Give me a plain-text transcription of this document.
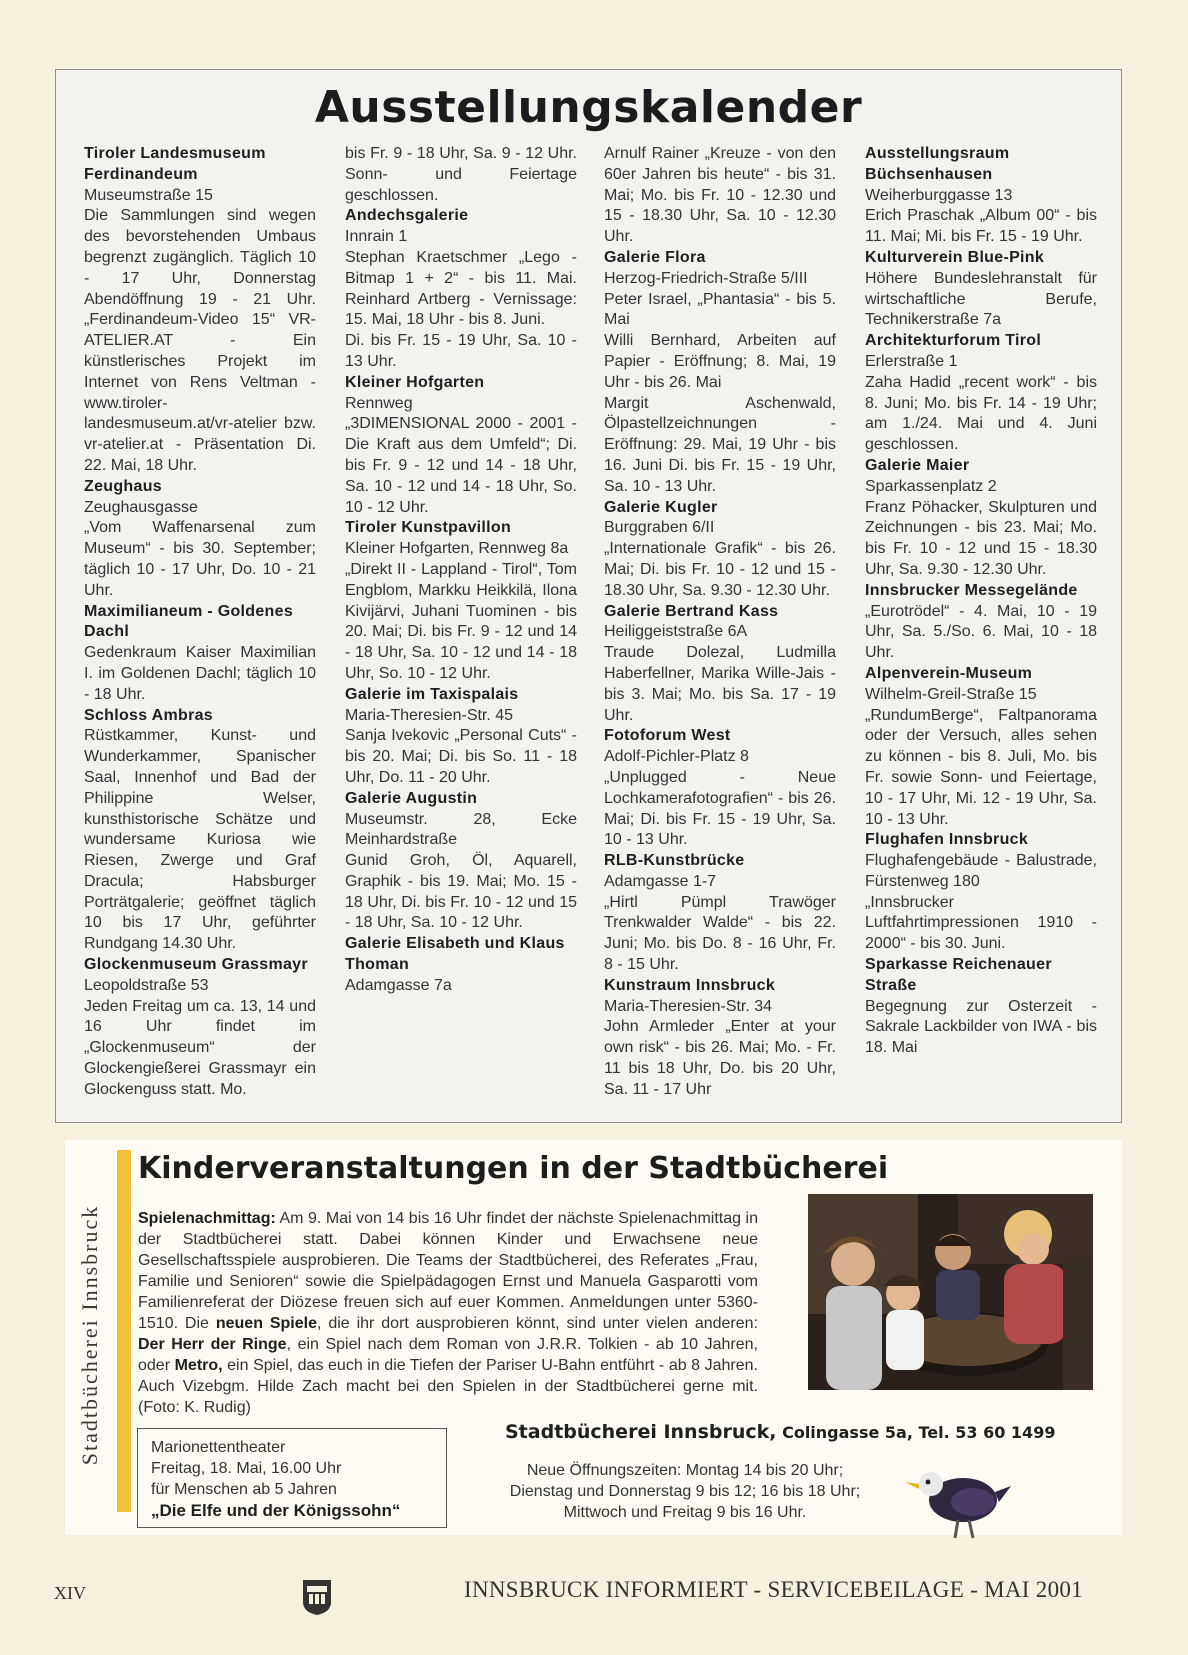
Ausstellungskalender

Tiroler Landesmuseum Ferdinandeum

Museumstraße 15

Die Sammlungen sind wegen des bevorstehenden Umbaus begrenzt zugänglich. Täglich 10 - 17 Uhr, Donnerstag Abendöffnung 19 - 21 Uhr. „Ferdinandeum-Video 15“ VR-ATELIER.AT - Ein künstlerisches Projekt im Internet von Rens Veltman - www.tiroler-landesmuseum.at/vr-atelier bzw. vr-atelier.at - Präsentation Di. 22. Mai, 18 Uhr.

Zeughaus

Zeughausgasse

„Vom Waffenarsenal zum Museum“ - bis 30. September; täglich 10 - 17 Uhr, Do. 10 - 21 Uhr.

Maximilianeum - Goldenes Dachl

Gedenkraum Kaiser Maximilian I. im Goldenen Dachl; täglich 10 - 18 Uhr.

Schloss Ambras

Rüstkammer, Kunst- und Wunderkammer, Spanischer Saal, Innenhof und Bad der Philippine Welser, kunsthistorische Schätze und wundersame Kuriosa wie Riesen, Zwerge und Graf Dracula; Habsburger Porträtgalerie; geöffnet täglich 10 bis 17 Uhr, geführter Rundgang 14.30 Uhr.

Glockenmuseum Grassmayr

Leopoldstraße 53

Jeden Freitag um ca. 13, 14 und 16 Uhr findet im „Glockenmuseum“ der Glockengießerei Grassmayr ein Glockenguss statt. Mo.

bis Fr. 9 - 18 Uhr, Sa. 9 - 12 Uhr. Sonn- und Feiertage geschlossen.

Andechsgalerie

Innrain 1

Stephan Kraetschmer „Lego - Bitmap 1 + 2“ - bis 11. Mai. Reinhard Artberg - Vernissage: 15. Mai, 18 Uhr - bis 8. Juni.

Di. bis Fr. 15 - 19 Uhr, Sa. 10 - 13 Uhr.

Kleiner Hofgarten

Rennweg

„3DIMENSIONAL 2000 - 2001 - Die Kraft aus dem Umfeld“; Di. bis Fr. 9 - 12 und 14 - 18 Uhr, Sa. 10 - 12 und 14 - 18 Uhr, So. 10 - 12 Uhr.

Tiroler Kunstpavillon

Kleiner Hofgarten, Rennweg 8a

„Direkt II - Lappland - Tirol“, Tom Engblom, Markku Heikkilä, Ilona Kivijärvi, Juhani Tuominen - bis 20. Mai; Di. bis Fr. 9 - 12 und 14 - 18 Uhr, Sa. 10 - 12 und 14 - 18 Uhr, So. 10 - 12 Uhr.

Galerie im Taxispalais

Maria-Theresien-Str. 45

Sanja Ivekovic „Personal Cuts“ - bis 20. Mai; Di. bis So. 11 - 18 Uhr, Do. 11 - 20 Uhr.

Galerie Augustin

Museumstr. 28, Ecke Meinhardstraße

Gunid Groh, Öl, Aquarell, Graphik - bis 19. Mai; Mo. 15 - 18 Uhr, Di. bis Fr. 10 - 12 und 15 - 18 Uhr, Sa. 10 - 12 Uhr.

Galerie Elisabeth und Klaus Thoman

Adamgasse 7a

Arnulf Rainer „Kreuze - von den 60er Jahren bis heute“ - bis 31. Mai; Mo. bis Fr. 10 - 12.30 und 15 - 18.30 Uhr, Sa. 10 - 12.30 Uhr.

Galerie Flora

Herzog-Friedrich-Straße 5/III

Peter Israel, „Phantasia“ - bis 5. Mai

Willi Bernhard, Arbeiten auf Papier - Eröffnung; 8. Mai, 19 Uhr - bis 26. Mai

Margit Aschenwald, Ölpastellzeichnungen - Eröffnung: 29. Mai, 19 Uhr - bis 16. Juni Di. bis Fr. 15 - 19 Uhr, Sa. 10 - 13 Uhr.

Galerie Kugler

Burggraben 6/II

„Internationale Grafik“ - bis 26. Mai; Di. bis Fr. 10 - 12 und 15 - 18.30 Uhr, Sa. 9.30 - 12.30 Uhr.

Galerie Bertrand Kass

Heiliggeiststraße 6A

Traude Dolezal, Ludmilla Haberfellner, Marika Wille-Jais - bis 3. Mai; Mo. bis Sa. 17 - 19 Uhr.

Fotoforum West

Adolf-Pichler-Platz 8

„Unplugged - Neue Lochkamerafotografien“ - bis 26. Mai; Di. bis Fr. 15 - 19 Uhr, Sa. 10 - 13 Uhr.

RLB-Kunstbrücke

Adamgasse 1-7

„Hirtl Pümpl Trawöger Trenkwalder Walde“ - bis 22. Juni; Mo. bis Do. 8 - 16 Uhr, Fr. 8 - 15 Uhr.

Kunstraum Innsbruck

Maria-Theresien-Str. 34

John Armleder „Enter at your own risk“ - bis 26. Mai; Mo. - Fr. 11 bis 18 Uhr, Do. bis 20 Uhr, Sa. 11 - 17 Uhr

Ausstellungsraum Büchsenhausen

Weiherburggasse 13

Erich Praschak „Album 00“ - bis 11. Mai; Mi. bis Fr. 15 - 19 Uhr.

Kulturverein Blue-Pink

Höhere Bundeslehranstalt für wirtschaftliche Berufe, Technikerstraße 7a

Architekturforum Tirol

Erlerstraße 1

Zaha Hadid „recent work“ - bis 8. Juni; Mo. bis Fr. 14 - 19 Uhr; am 1./24. Mai und 4. Juni geschlossen.

Galerie Maier

Sparkassenplatz 2

Franz Pöhacker, Skulpturen und Zeichnungen - bis 23. Mai; Mo. bis Fr. 10 - 12 und 15 - 18.30 Uhr, Sa. 9.30 - 12.30 Uhr.

Innsbrucker Messegelände

„Eurotrödel“ - 4. Mai, 10 - 19 Uhr, Sa. 5./So. 6. Mai, 10 - 18 Uhr.

Alpenverein-Museum

Wilhelm-Greil-Straße 15

„RundumBerge“, Faltpanorama oder der Versuch, alles sehen zu können - bis 8. Juli, Mo. bis Fr. sowie Sonn- und Feiertage, 10 - 17 Uhr, Mi. 12 - 19 Uhr, Sa. 10 - 13 Uhr.

Flughafen Innsbruck

Flughafengebäude - Balustrade, Fürstenweg 180

„Innsbrucker Luftfahrtimpressionen 1910 - 2000“ - bis 30. Juni.

Sparkasse Reichenauer Straße

Begegnung zur Osterzeit - Sakrale Lackbilder von IWA - bis 18. Mai

Stadtbücherei Innsbruck
Kinderveranstaltungen in der Stadtbücherei

Spielenachmittag: Am 9. Mai von 14 bis 16 Uhr findet der nächste Spielenachmittag in der Stadtbücherei statt. Dabei können Kinder und Erwachsene neue Gesellschaftsspiele ausprobieren. Die Teams der Stadtbücherei, des Referates „Frau, Familie und Senioren“ sowie die Spielpädagogen Ernst und Manuela Gasparotti vom Familienreferat der Diözese freuen sich auf euer Kommen. Anmeldungen unter 5360-1510. Die neuen Spiele, die ihr dort ausprobieren könnt, sind unter vielen anderen: Der Herr der Ringe, ein Spiel nach dem Roman von J.R.R. Tolkien - ab 10 Jahren, oder Metro, ein Spiel, das euch in die Tiefen der Pariser U-Bahn entführt - ab 8 Jahren. Auch Vizebgm. Hilde Zach macht bei den Spielen in der Stadtbücherei gerne mit. (Foto: K. Rudig)

Marionettentheater
Freitag, 18. Mai, 16.00 Uhr
für Menschen ab 5 Jahren
„Die Elfe und der Königssohn“
Stadtbücherei Innsbruck, Colingasse 5a, Tel. 53 60 1499
Neue Öffnungszeiten: Montag 14 bis 20 Uhr;
Dienstag und Donnerstag 9 bis 12; 16 bis 18 Uhr;
Mittwoch und Freitag 9 bis 16 Uhr.
XIV	INNSBRUCK INFORMIERT - SERVICEBEILAGE - MAI 2001
